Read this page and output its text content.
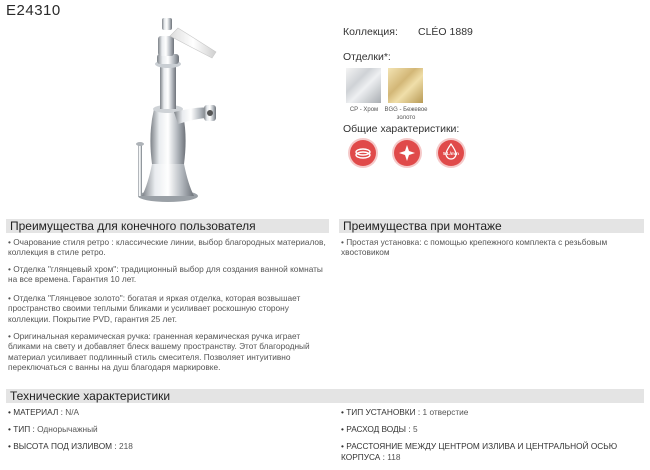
E24310
Коллекция: CLÉO 1889
Отделки*:
CP - Хром	BGG - Бежевое золото
Общие характеристики:
5 L/min
Преимущества для конечного пользователя	Преимущества при монтаже
• Очарование стиля ретро : классические линии, выбор благородных материалов, коллекция в стиле ретро.
• Отделка "глянцевый хром": традиционный выбор для создания ванной комнаты на все времена. Гарантия 10 лет.
• Отделка "Глянцевое золото": богатая и яркая отделка, которая возвышает пространство своими теплыми бликами и усиливает роскошную сторону коллекции. Покрытие PVD, гарантия 25 лет.
• Оригинальная керамическая ручка: граненная керамическая ручка играет бликами на свету и добавляет блеск вашему пространству. Этот благородный материал усиливает подлинный стиль смесителя. Позволяет интуитивно переключаться с ванны на душ благодаря маркировке.
• Простая установка: с помощью крепежного комплекта с резьбовым хвостовиком
Технические характеристики
• МАТЕРИАЛ : N/A
• ТИП : Однорычажный
• ВЫСОТА ПОД ИЗЛИВОМ : 218
• ТИП УСТАНОВКИ : 1 отверстие
• РАСХОД ВОДЫ : 5
• РАССТОЯНИЕ МЕЖДУ ЦЕНТРОМ ИЗЛИВА И ЦЕНТРАЛЬНОЙ ОСЬЮ КОРПУСА : 118
